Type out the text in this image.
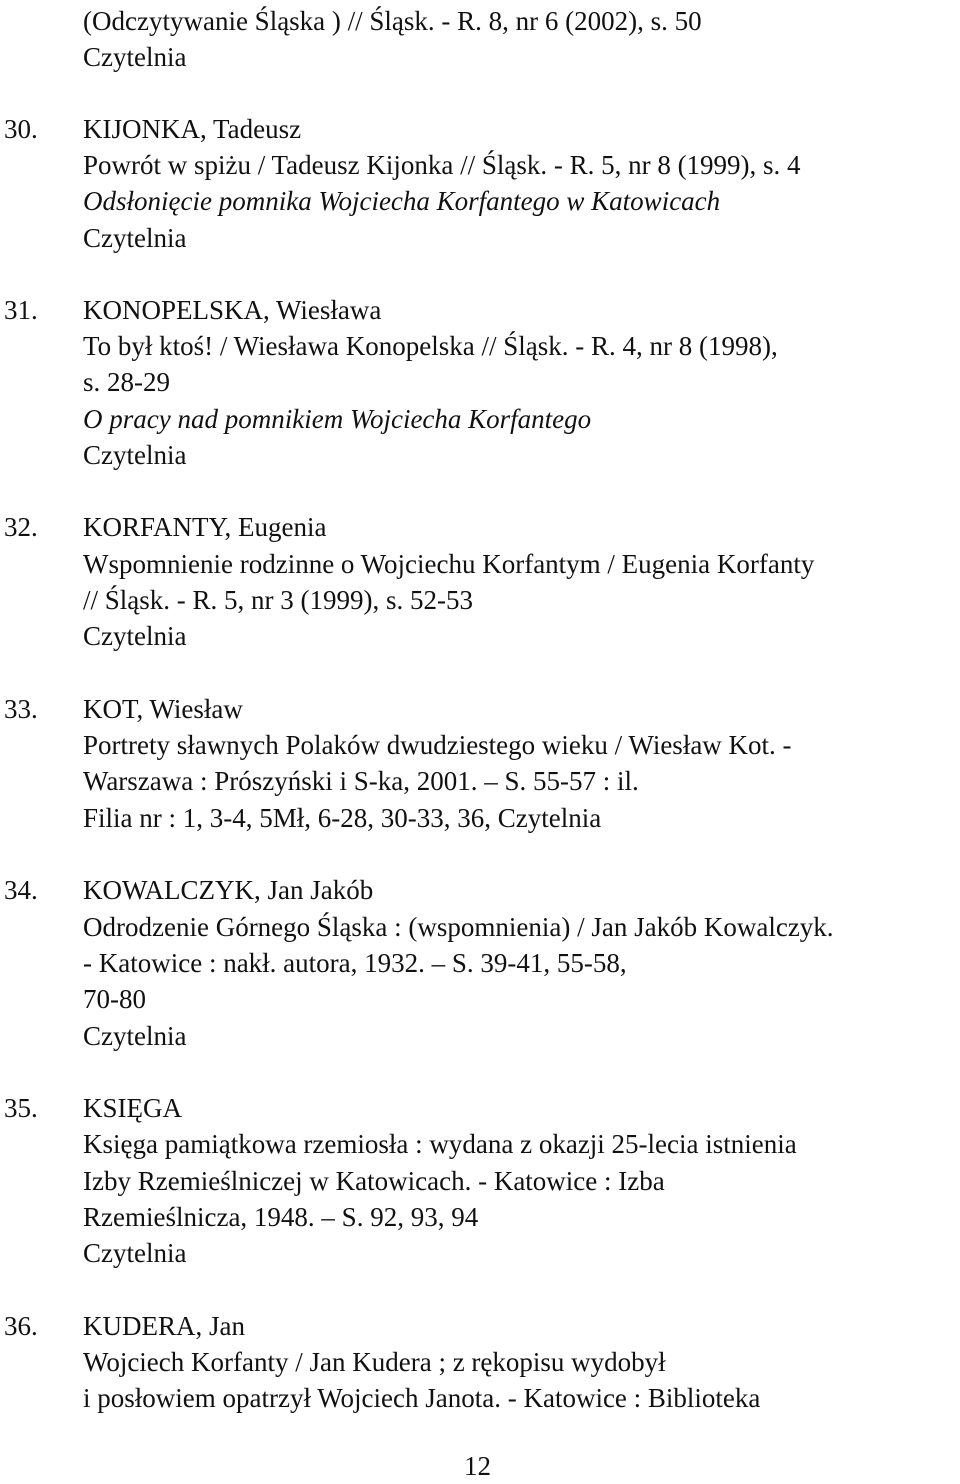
(Odczytywanie Śląska ) // Śląsk. - R. 8, nr 6 (2002), s. 50
Czytelnia
30. KIJONKA, Tadeusz
Powrót w spiżu / Tadeusz Kijonka // Śląsk. - R. 5, nr 8 (1999), s. 4
Odsłonięcie pomnika Wojciecha Korfantego w Katowicach
Czytelnia
31. KONOPELSKA, Wiesława
To był ktoś! / Wiesława Konopelska // Śląsk. - R. 4, nr 8 (1998),
s. 28-29
O pracy nad pomnikiem Wojciecha Korfantego
Czytelnia
32. KORFANTY, Eugenia
Wspomnienie rodzinne o Wojciechu Korfantym / Eugenia Korfanty
// Śląsk. - R. 5, nr 3 (1999), s. 52-53
Czytelnia
33. KOT, Wiesław
Portrety sławnych Polaków dwudziestego wieku / Wiesław Kot. -
Warszawa : Prószyński i S-ka, 2001. – S. 55-57 : il.
Filia nr : 1, 3-4, 5Mł, 6-28, 30-33, 36, Czytelnia
34. KOWALCZYK, Jan Jakób
Odrodzenie Górnego Śląska : (wspomnienia) / Jan Jakób Kowalczyk.
- Katowice : nakł. autora, 1932. – S. 39-41, 55-58,
70-80
Czytelnia
35. KSIĘGA
Księga pamiątkowa rzemiosła : wydana z okazji 25-lecia istnienia
Izby Rzemieślniczej w Katowicach. - Katowice : Izba
Rzemieślnicza, 1948. – S. 92, 93, 94
Czytelnia
36. KUDERA, Jan
Wojciech Korfanty / Jan Kudera ; z rękopisu wydobył
i posłowiem opatrzył Wojciech Janota. - Katowice : Biblioteka
12
